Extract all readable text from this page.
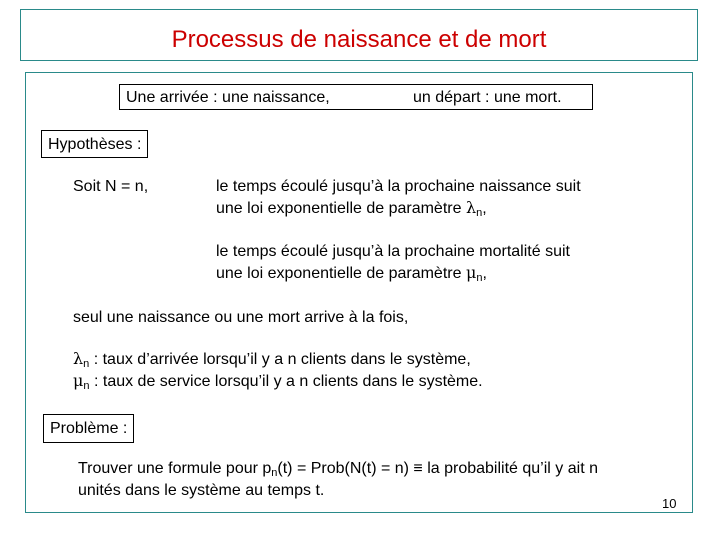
Processus de naissance et de mort
Une arrivée : une naissance,	un départ : une mort.
Hypothèses :
Soit N = n,	le temps écoulé jusqu’à la prochaine naissance suit
une loi exponentielle de paramètre λn,
le temps écoulé jusqu’à la prochaine mortalité suit
une loi exponentielle de paramètre μn,
seul une naissance ou une mort arrive à la fois,
λn : taux d’arrivée lorsqu’il y a n clients dans le système,
μn : taux de service lorsqu’il y a n clients dans le système.
Problème :
Trouver une formule pour pn(t) = Prob(N(t) = n) ≡ la probabilité qu’il y ait n
unités dans le système au temps t.
10
